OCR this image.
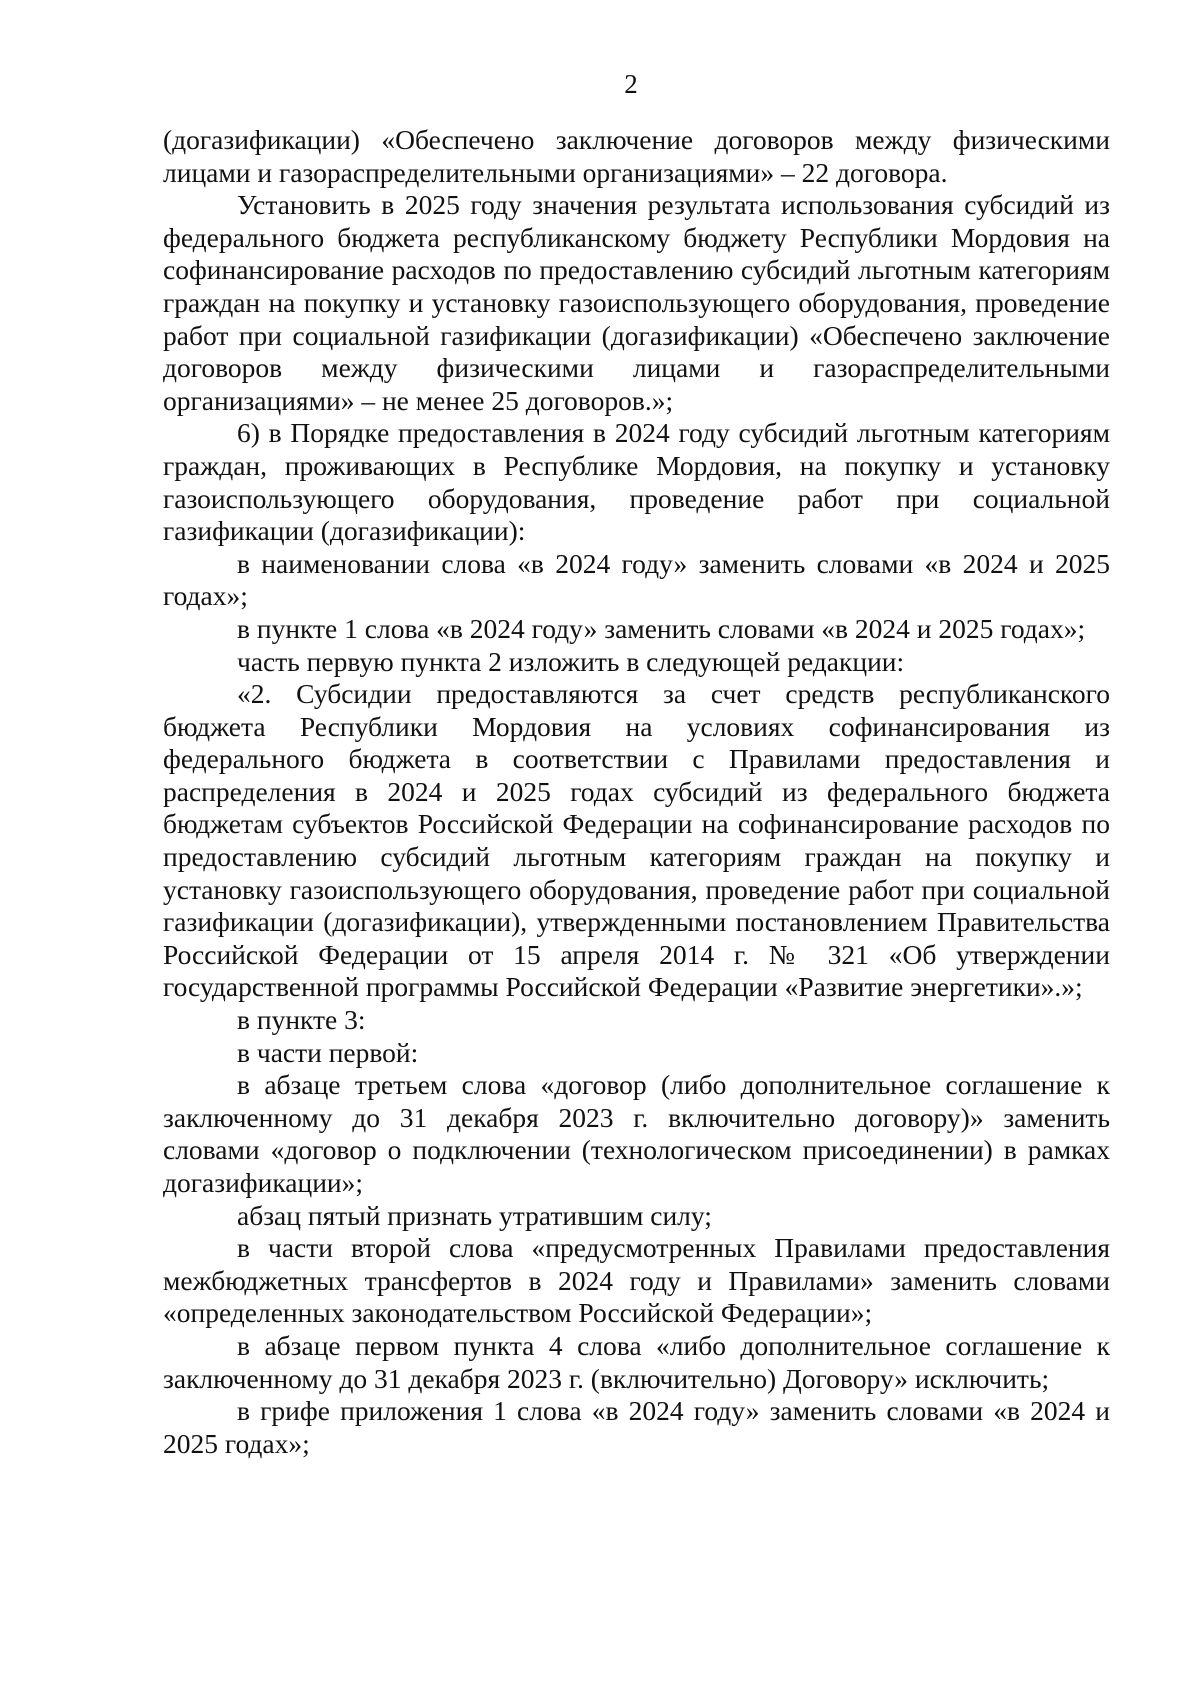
2

(догазификации) «Обеспечено заключение договоров между физическими лицами и газораспределительными организациями» – 22 договора.

Установить в 2025 году значения результата использования субсидий из федерального бюджета республиканскому бюджету Республики Мордовия на софинансирование расходов по предоставлению субсидий льготным категориям граждан на покупку и установку газоиспользующего оборудования, проведение работ при социальной газификации (догазификации) «Обеспечено заключение договоров между физическими лицами и газораспределительными организациями» – не менее 25 договоров.»;

6) в Порядке предоставления в 2024 году субсидий льготным категориям граждан, проживающих в Республике Мордовия, на покупку и установку газоиспользующего оборудования, проведение работ при социальной газификации (догазификации):

в наименовании слова «в 2024 году» заменить словами «в 2024 и 2025 годах»;

в пункте 1 слова «в 2024 году» заменить словами «в 2024 и 2025 годах»;

часть первую пункта 2 изложить в следующей редакции:

«2. Субсидии предоставляются за счет средств республиканского бюджета Республики Мордовия на условиях софинансирования из федерального бюджета в соответствии с Правилами предоставления и распределения в 2024 и 2025 годах субсидий из федерального бюджета бюджетам субъектов Российской Федерации на софинансирование расходов по предоставлению субсидий льготным категориям граждан на покупку и установку газоиспользующего оборудования, проведение работ при социальной газификации (догазификации), утвержденными постановлением Правительства Российской Федерации от 15 апреля 2014 г. № 321 «Об утверждении государственной программы Российской Федерации «Развитие энергетики».»;

в пункте 3:

в части первой:

в абзаце третьем слова «договор (либо дополнительное соглашение к заключенному до 31 декабря 2023 г. включительно договору)» заменить словами «договор о подключении (технологическом присоединении) в рамках догазификации»;

абзац пятый признать утратившим силу;

в части второй слова «предусмотренных Правилами предоставления межбюджетных трансфертов в 2024 году и Правилами» заменить словами «определенных законодательством Российской Федерации»;

в абзаце первом пункта 4 слова «либо дополнительное соглашение к заключенному до 31 декабря 2023 г. (включительно) Договору» исключить;

в грифе приложения 1 слова «в 2024 году» заменить словами «в 2024 и 2025 годах»;
